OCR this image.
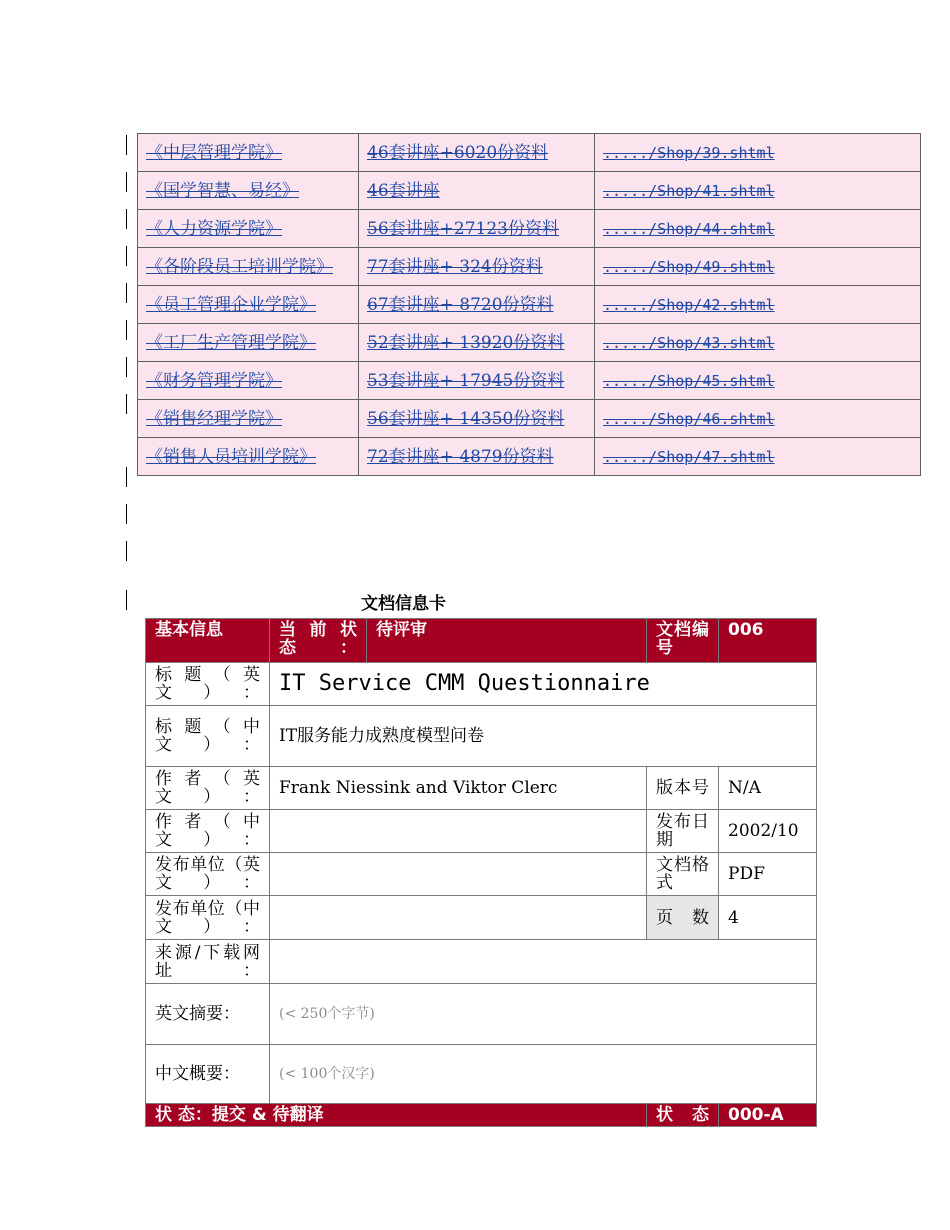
《中层管理学院》	46套讲座+6020份资料	...../Shop/39.shtml
《国学智慧、易经》	46套讲座	...../Shop/41.shtml
《人力资源学院》	56套讲座+27123份资料	...../Shop/44.shtml
《各阶段员工培训学院》	77套讲座+ 324份资料	...../Shop/49.shtml
《员工管理企业学院》	67套讲座+ 8720份资料	...../Shop/42.shtml
《工厂生产管理学院》	52套讲座+ 13920份资料	...../Shop/43.shtml
《财务管理学院》	53套讲座+ 17945份资料	...../Shop/45.shtml
《销售经理学院》	56套讲座+ 14350份资料	...../Shop/46.shtml
《销售人员培训学院》	72套讲座+ 4879份资料	...../Shop/47.shtml
文档信息卡
基本信息	当前状态：	待评审	文档编号	006
标题（英文）：	IT Service CMM Questionnaire			
标题（中文）：	IT服务能力成熟度模型问卷			
作者（英文）：	Frank Niessink and Viktor Clerc		版本号	N/A
作者（中文）：			发布日期	2002/10
发布单位（英文）：			文档格式	PDF
发布单位（中文）：			页数	4
来源/下载网址：				
英文摘要：	(< 250个字节)			
中文概要：	(< 100个汉字)			
状 态：提交 & 待翻译			状态	000-A
